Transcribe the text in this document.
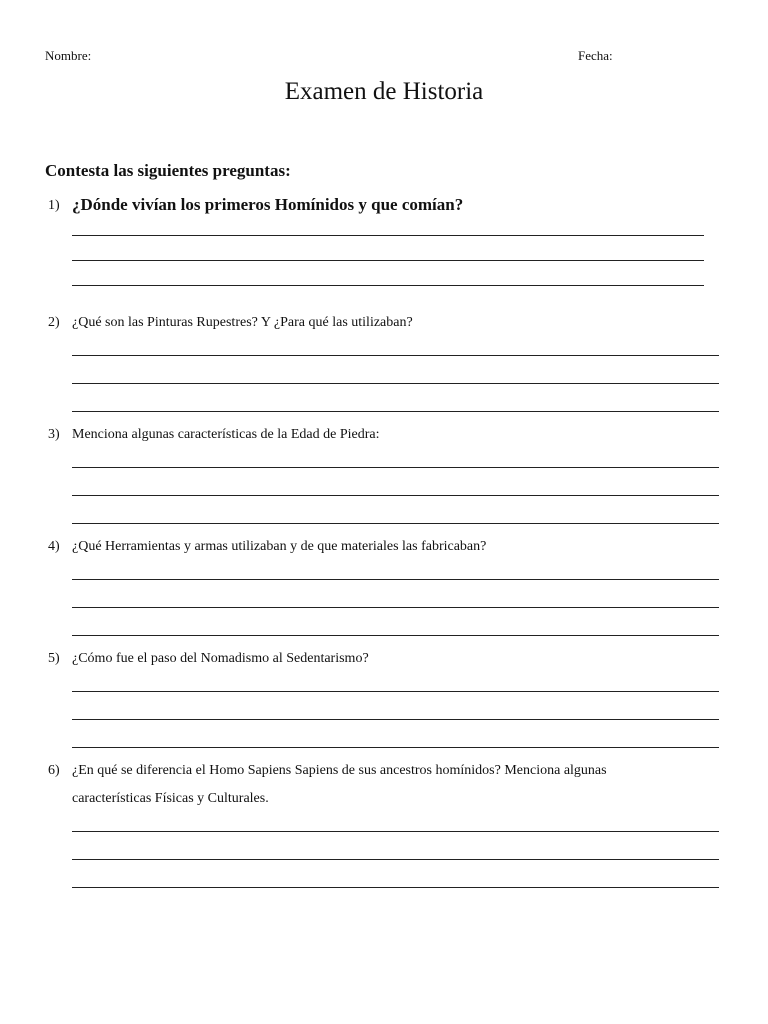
Nombre:	Fecha:
Examen de Historia
Contesta las siguientes preguntas:
1) ¿Dónde vivían los primeros Homínidos y que comían?
2) ¿Qué son las Pinturas Rupestres? Y ¿Para qué las utilizaban?
3) Menciona algunas características de la Edad de Piedra:
4) ¿Qué Herramientas y armas utilizaban y de que materiales las fabricaban?
5) ¿Cómo fue el paso del Nomadismo al Sedentarismo?
6) ¿En qué se diferencia el Homo Sapiens Sapiens de sus ancestros homínidos? Menciona algunas
características Físicas y Culturales.
